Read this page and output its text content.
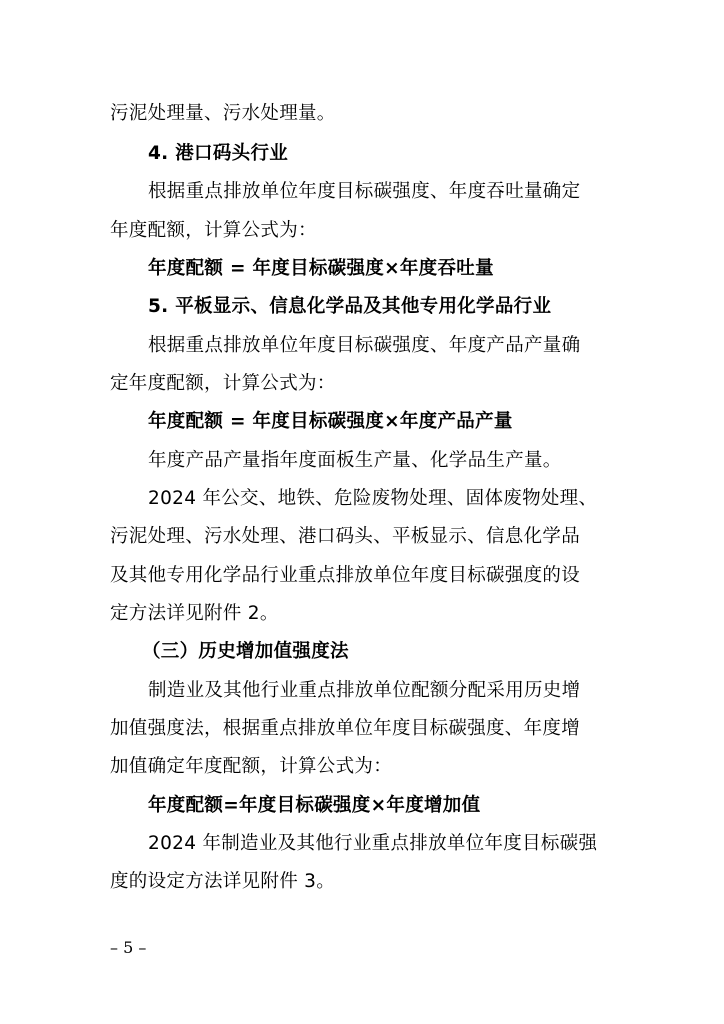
污泥处理量、污水处理量。
4. 港口码头行业
根据重点排放单位年度目标碳强度、年度吞吐量确定
年度配额，计算公式为：
年度配额 = 年度目标碳强度×年度吞吐量
5. 平板显示、信息化学品及其他专用化学品行业
根据重点排放单位年度目标碳强度、年度产品产量确
定年度配额，计算公式为：
年度配额 = 年度目标碳强度×年度产品产量
年度产品产量指年度面板生产量、化学品生产量。
2024 年公交、地铁、危险废物处理、固体废物处理、
污泥处理、污水处理、港口码头、平板显示、信息化学品
及其他专用化学品行业重点排放单位年度目标碳强度的设
定方法详见附件 2。
（三）历史增加值强度法
制造业及其他行业重点排放单位配额分配采用历史增
加值强度法，根据重点排放单位年度目标碳强度、年度增
加值确定年度配额，计算公式为：
年度配额=年度目标碳强度×年度增加值
2024 年制造业及其他行业重点排放单位年度目标碳强
度的设定方法详见附件 3。
– 5 –
